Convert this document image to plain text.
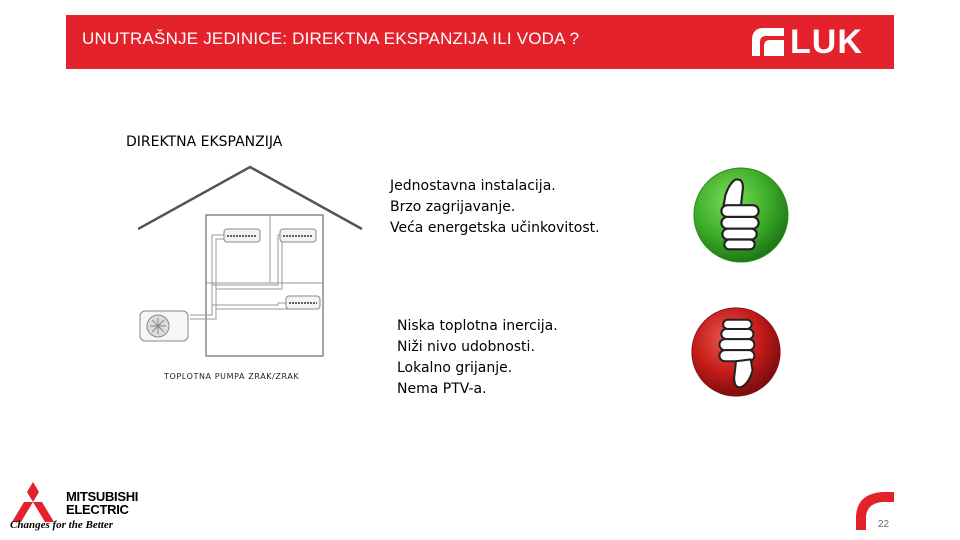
UNUTRAŠNJE JEDINICE: DIREKTNA EKSPANZIJA ILI VODA ?	LUK
DIREKTNA EKSPANZIJA
TOPLOTNA PUMPA ZRAK/ZRAK
Jednostavna instalacija.
Brzo zagrijavanje.
Veća energetska učinkovitost.
Niska toplotna inercija.
Niži nivo udobnosti.
Lokalno grijanje.
Nema PTV-a.
MITSUBISHI
ELECTRIC
Changes for the Better	22
